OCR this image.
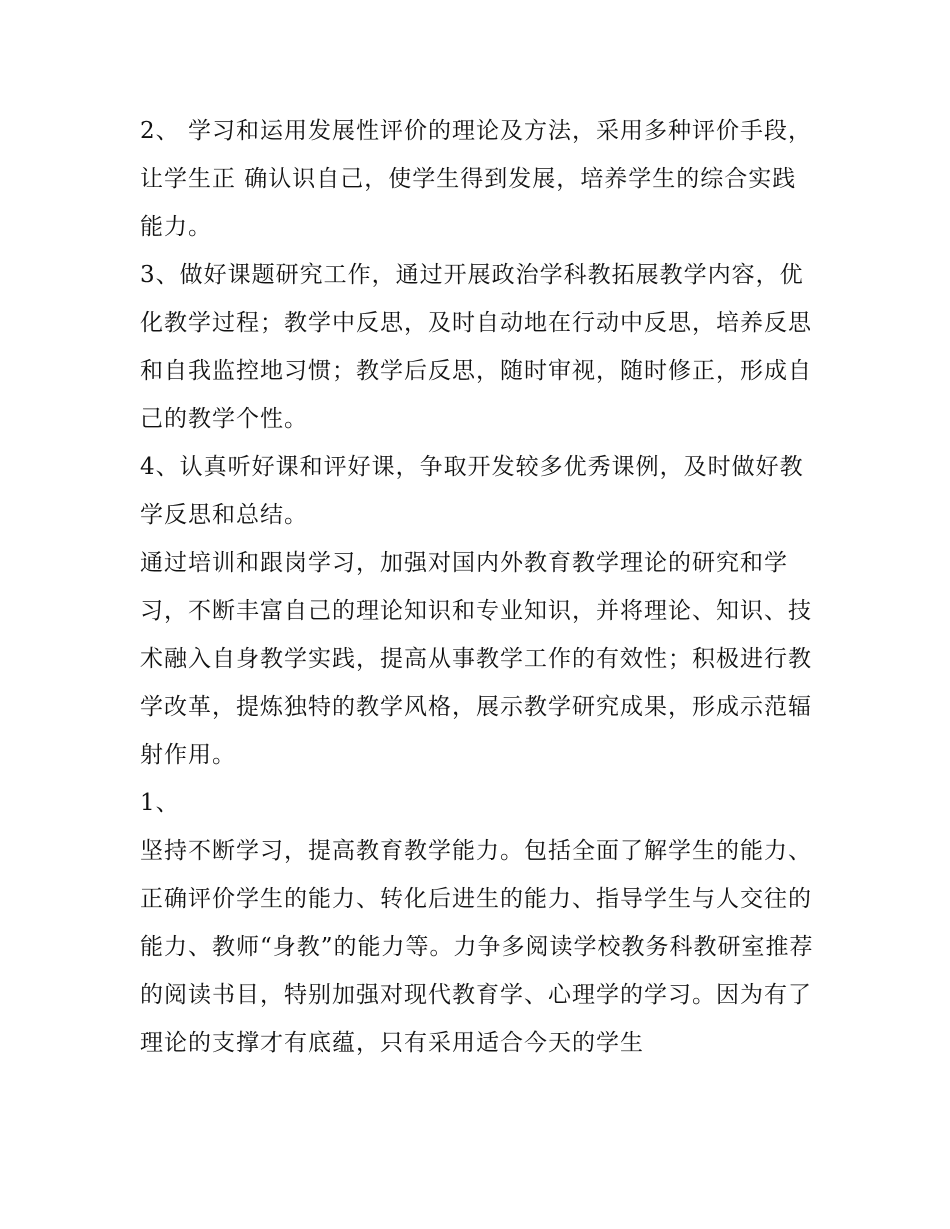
2、 学习和运用发展性评价的理论及方法，采用多种评价手段，让学生正 确认识自己，使学生得到发展，培养学生的综合实践能力。

3、做好课题研究工作，通过开展政治学科教拓展教学内容，优化教学过程；教学中反思，及时自动地在行动中反思，培养反思和自我监控地习惯；教学后反思，随时审视，随时修正，形成自己的教学个性。

4、认真听好课和评好课，争取开发较多优秀课例，及时做好教学反思和总结。

通过培训和跟岗学习，加强对国内外教育教学理论的研究和学习，不断丰富自己的理论知识和专业知识，并将理论、知识、技术融入自身教学实践，提高从事教学工作的有效性；积极进行教学改革，提炼独特的教学风格，展示教学研究成果，形成示范辐射作用。

1、

坚持不断学习，提高教育教学能力。包括全面了解学生的能力、正确评价学生的能力、转化后进生的能力、指导学生与人交往的能力、教师“身教”的能力等。力争多阅读学校教务科教研室推荐的阅读书目，特别加强对现代教育学、心理学的学习。因为有了理论的支撑才有底蕴，只有采用适合今天的学生
